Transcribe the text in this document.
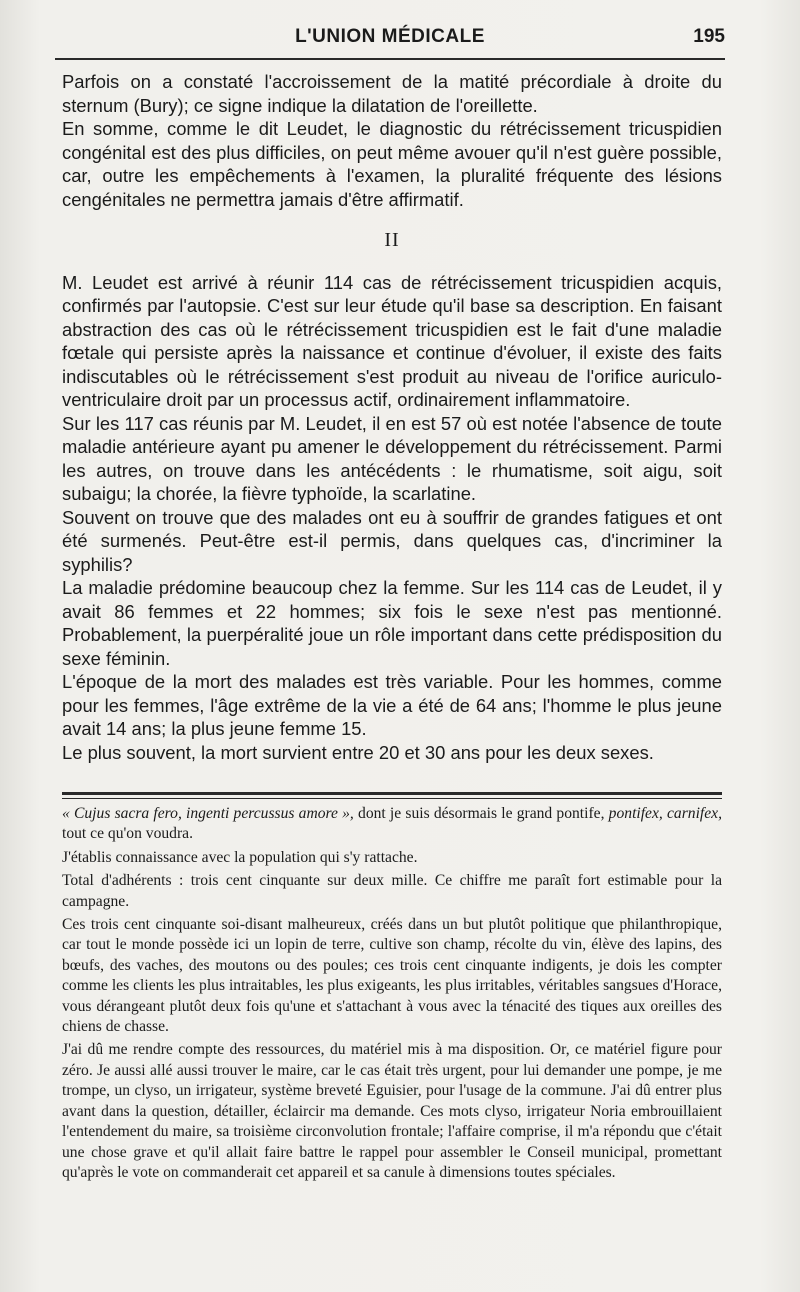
L'UNION MÉDICALE	195

Parfois on a constaté l'accroissement de la matité précordiale à droite du sternum (Bury); ce signe indique la dilatation de l'oreillette.

En somme, comme le dit Leudet, le diagnostic du rétrécissement tricuspidien congénital est des plus difficiles, on peut même avouer qu'il n'est guère possible, car, outre les empêchements à l'examen, la pluralité fréquente des lésions cengénitales ne permettra jamais d'être affirmatif.

II

M. Leudet est arrivé à réunir 114 cas de rétrécissement tricuspidien acquis, confirmés par l'autopsie. C'est sur leur étude qu'il base sa description. En faisant abstraction des cas où le rétrécissement tricuspidien est le fait d'une maladie fœtale qui persiste après la naissance et continue d'évoluer, il existe des faits indiscutables où le rétrécissement s'est produit au niveau de l'orifice auriculo-ventriculaire droit par un processus actif, ordinairement inflammatoire.

Sur les 117 cas réunis par M. Leudet, il en est 57 où est notée l'absence de toute maladie antérieure ayant pu amener le développement du rétrécissement. Parmi les autres, on trouve dans les antécédents : le rhumatisme, soit aigu, soit subaigu; la chorée, la fièvre typhoïde, la scarlatine.

Souvent on trouve que des malades ont eu à souffrir de grandes fatigues et ont été surmenés. Peut-être est-il permis, dans quelques cas, d'incriminer la syphilis?

La maladie prédomine beaucoup chez la femme. Sur les 114 cas de Leudet, il y avait 86 femmes et 22 hommes; six fois le sexe n'est pas mentionné. Probablement, la puerpéralité joue un rôle important dans cette prédisposition du sexe féminin.

L'époque de la mort des malades est très variable. Pour les hommes, comme pour les femmes, l'âge extrême de la vie a été de 64 ans; l'homme le plus jeune avait 14 ans; la plus jeune femme 15.

Le plus souvent, la mort survient entre 20 et 30 ans pour les deux sexes.

« Cujus sacra fero, ingenti percussus amore », dont je suis désormais le grand pontife, pontifex, carnifex, tout ce qu'on voudra.

J'établis connaissance avec la population qui s'y rattache.

Total d'adhérents : trois cent cinquante sur deux mille. Ce chiffre me paraît fort estimable pour la campagne.

Ces trois cent cinquante soi-disant malheureux, créés dans un but plutôt politique que philanthropique, car tout le monde possède ici un lopin de terre, cultive son champ, récolte du vin, élève des lapins, des bœufs, des vaches, des moutons ou des poules; ces trois cent cinquante indigents, je dois les compter comme les clients les plus intraitables, les plus exigeants, les plus irritables, véritables sangsues d'Horace, vous dérangeant plutôt deux fois qu'une et s'attachant à vous avec la ténacité des tiques aux oreilles des chiens de chasse.

J'ai dû me rendre compte des ressources, du matériel mis à ma disposition. Or, ce matériel figure pour zéro. Je aussi allé aussi trouver le maire, car le cas était très urgent, pour lui demander une pompe, je me trompe, un clyso, un irrigateur, système breveté Eguisier, pour l'usage de la commune. J'ai dû entrer plus avant dans la question, détailler, éclaircir ma demande. Ces mots clyso, irrigateur Noria embrouillaient l'entendement du maire, sa troisième circonvolution frontale; l'affaire comprise, il m'a répondu que c'était une chose grave et qu'il allait faire battre le rappel pour assembler le Conseil municipal, promettant qu'après le vote on commanderait cet appareil et sa canule à dimensions toutes spéciales.
